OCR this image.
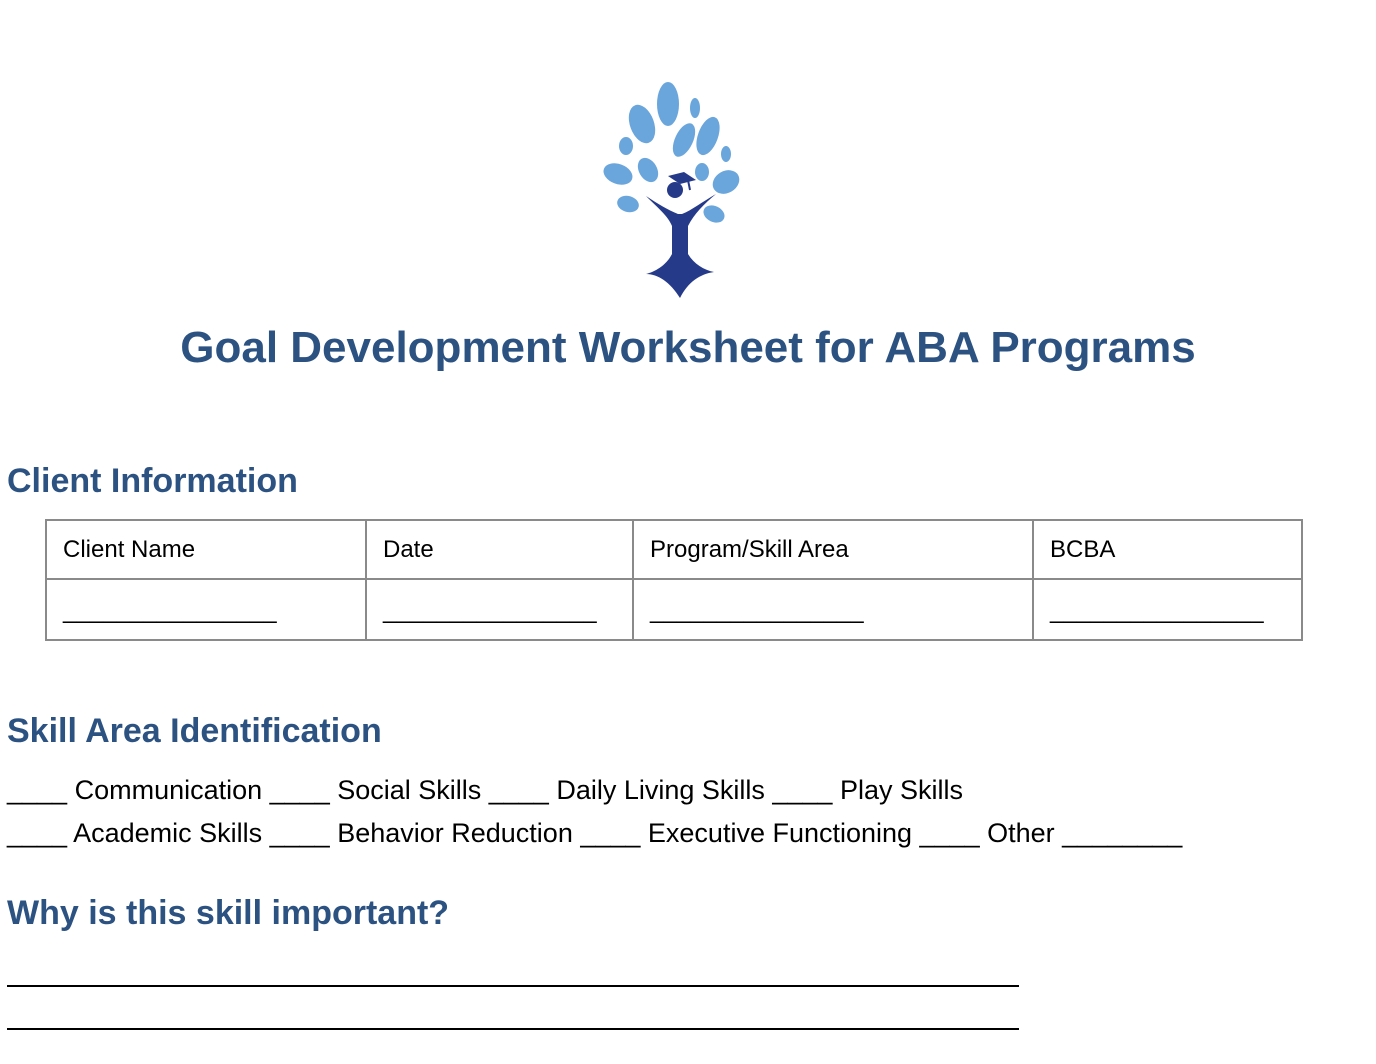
Goal Development Worksheet for ABA Programs
Client Information
Client Name	Date	Program/Skill Area	BCBA
________________	________________	________________	________________
Skill Area Identification
____ Communication ____ Social Skills ____ Daily Living Skills ____ Play Skills
____ Academic Skills ____ Behavior Reduction ____ Executive Functioning ____ Other ________
Why is this skill important?
